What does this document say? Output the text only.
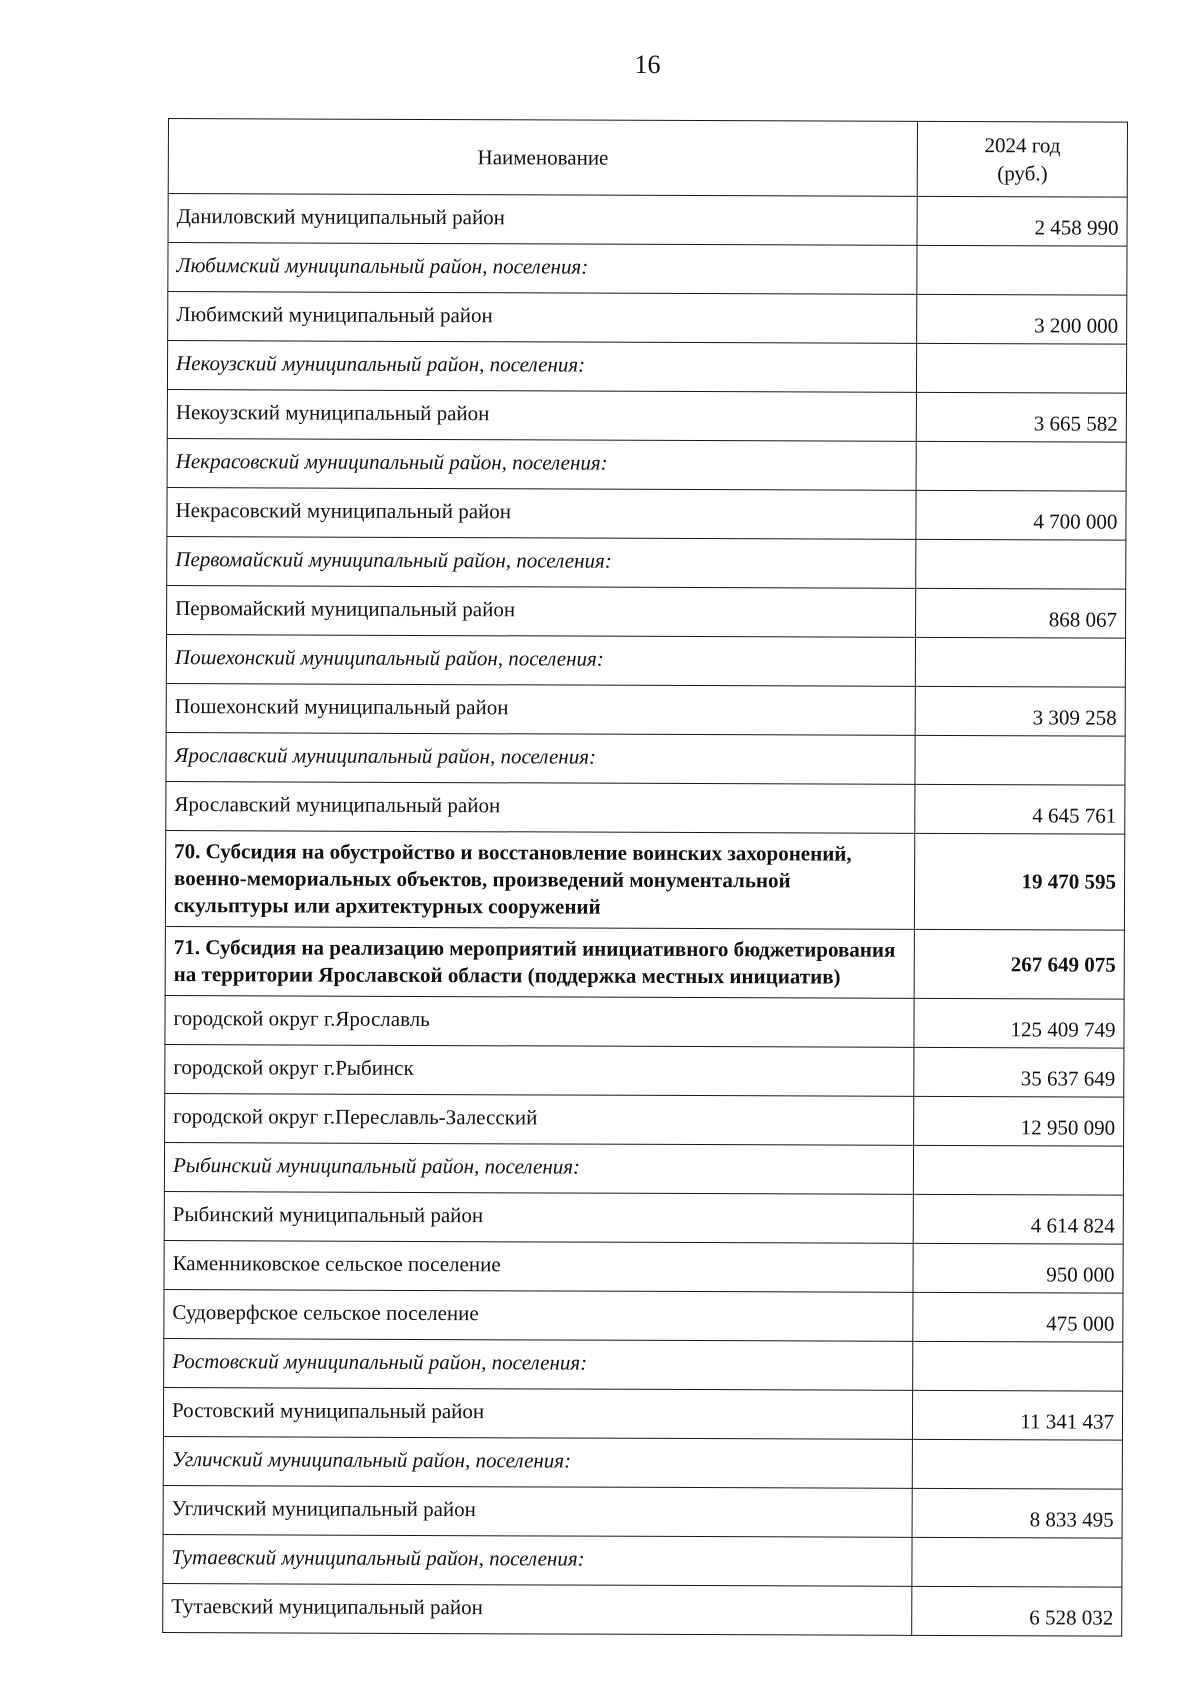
16
Наименование	2024 год
(руб.)

Даниловский муниципальный район	2 458 990
Любимский муниципальный район, поселения:	
Любимский муниципальный район	3 200 000
Некоузский муниципальный район, поселения:	
Некоузский муниципальный район	3 665 582
Некрасовский муниципальный район, поселения:	
Некрасовский муниципальный район	4 700 000
Первомайский муниципальный район, поселения:	
Первомайский муниципальный район	868 067
Пошехонский муниципальный район, поселения:	
Пошехонский муниципальный район	3 309 258
Ярославский муниципальный район, поселения:	
Ярославский муниципальный район	4 645 761
70. Субсидия на обустройство и восстановление воинских захоронений, военно-мемориальных объектов, произведений монументальной скульптуры или архитектурных сооружений	19 470 595
71. Субсидия на реализацию мероприятий инициативного бюджетирования на территории Ярославской области (поддержка местных инициатив)	267 649 075
городской округ г.Ярославль	125 409 749
городской округ г.Рыбинск	35 637 649
городской округ г.Переславль-Залесский	12 950 090
Рыбинский муниципальный район, поселения:	
Рыбинский муниципальный район	4 614 824
Каменниковское сельское поселение	950 000
Судоверфское сельское поселение	475 000
Ростовский муниципальный район, поселения:	
Ростовский муниципальный район	11 341 437
Угличский муниципальный район, поселения:	
Угличский муниципальный район	8 833 495
Тутаевский муниципальный район, поселения:	
Тутаевский муниципальный район	6 528 032
